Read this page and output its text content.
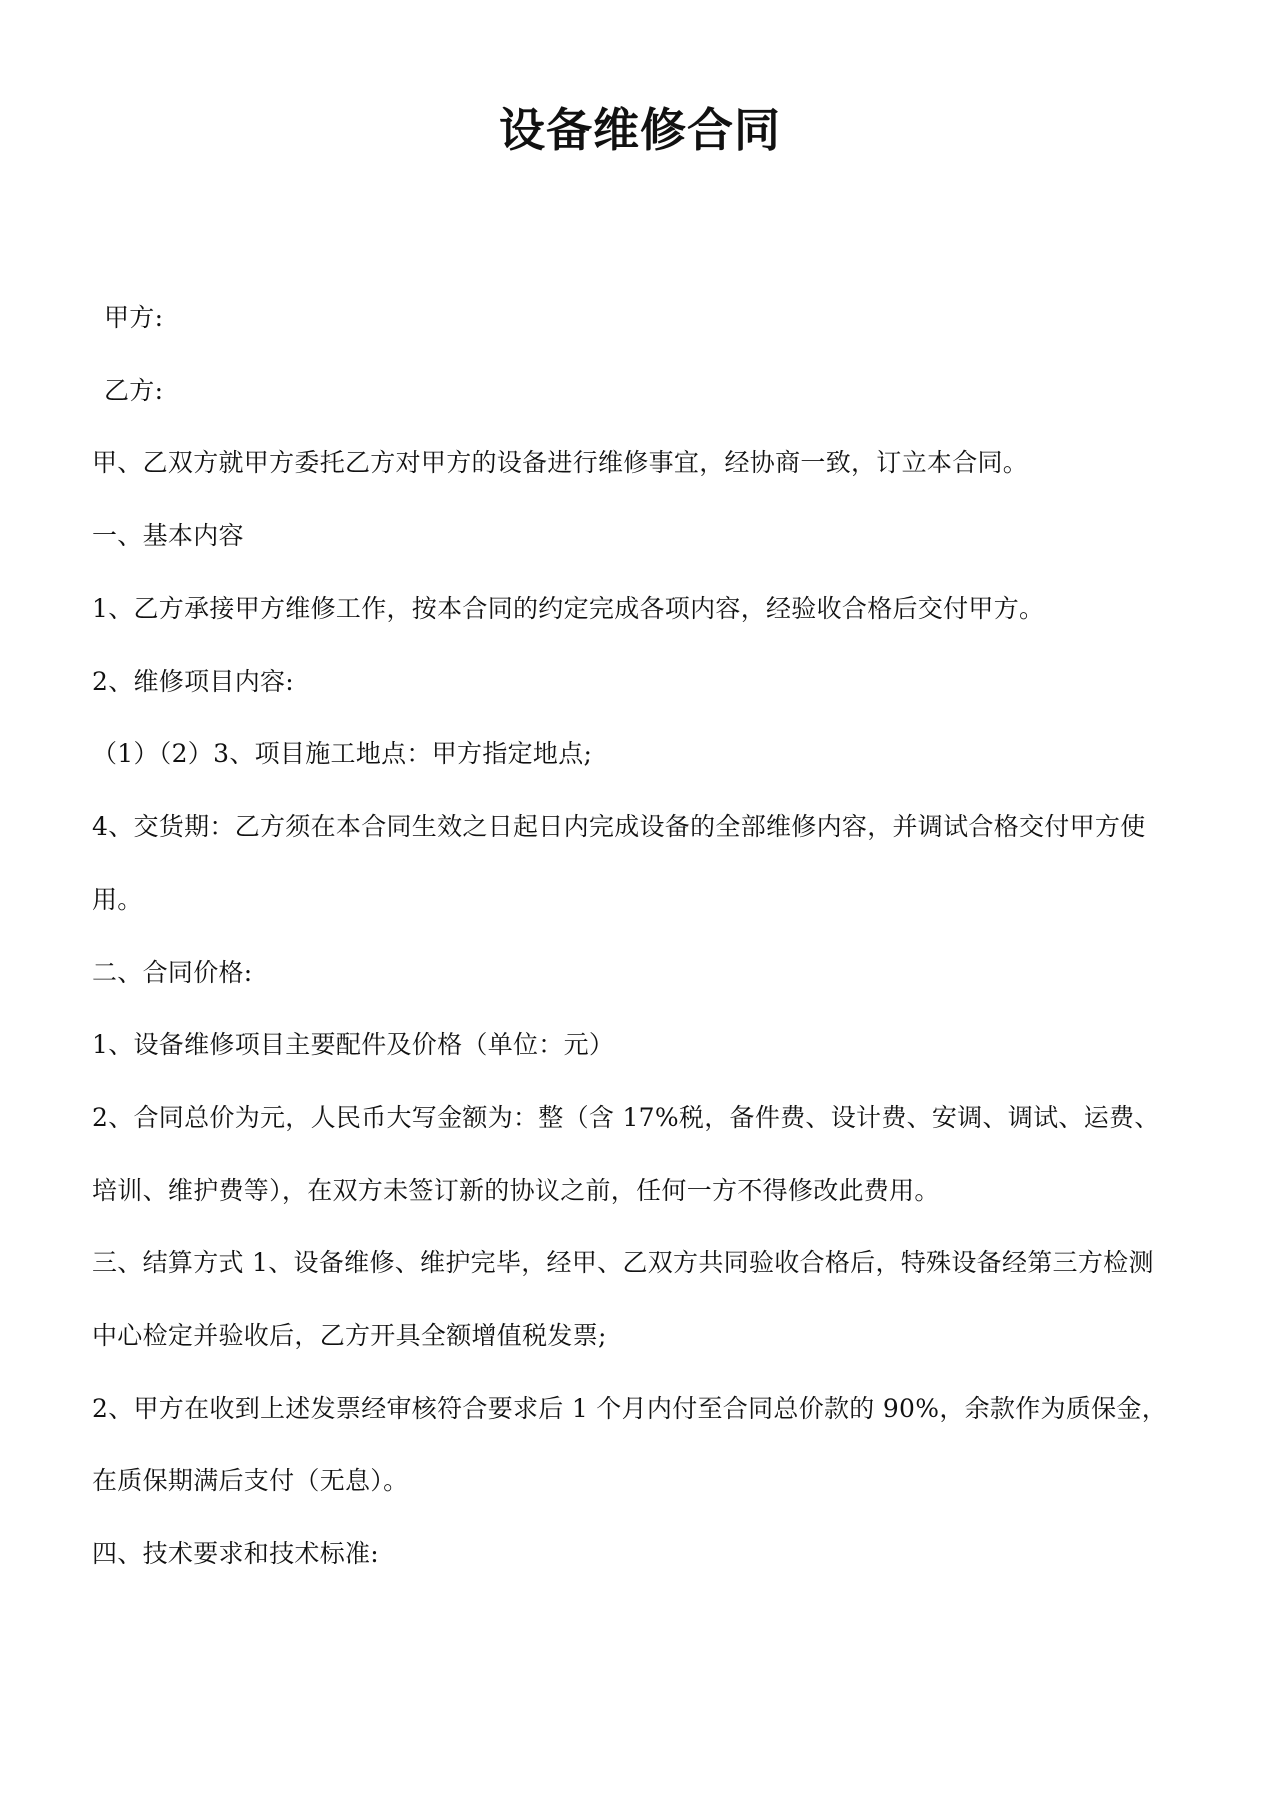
设备维修合同
甲方:
乙方:
甲、乙双方就甲方委托乙方对甲方的设备进行维修事宜，经协商一致，订立本合同。
一、基本内容
1、乙方承接甲方维修工作，按本合同的约定完成各项内容，经验收合格后交付甲方。
2、维修项目内容:
（1）（2）3、项目施工地点：甲方指定地点;
4、交货期：乙方须在本合同生效之日起日内完成设备的全部维修内容，并调试合格交付甲方使
用。
二、合同价格:
1、设备维修项目主要配件及价格（单位：元）
2、合同总价为元，人民币大写金额为：整（含 17%税，备件费、设计费、安调、调试、运费、
培训、维护费等），在双方未签订新的协议之前，任何一方不得修改此费用。
三、结算方式 1、设备维修、维护完毕，经甲、乙双方共同验收合格后，特殊设备经第三方检测
中心检定并验收后，乙方开具全额增值税发票;
2、甲方在收到上述发票经审核符合要求后 1 个月内付至合同总价款的 90%，余款作为质保金，
在质保期满后支付（无息）。
四、技术要求和技术标准:
